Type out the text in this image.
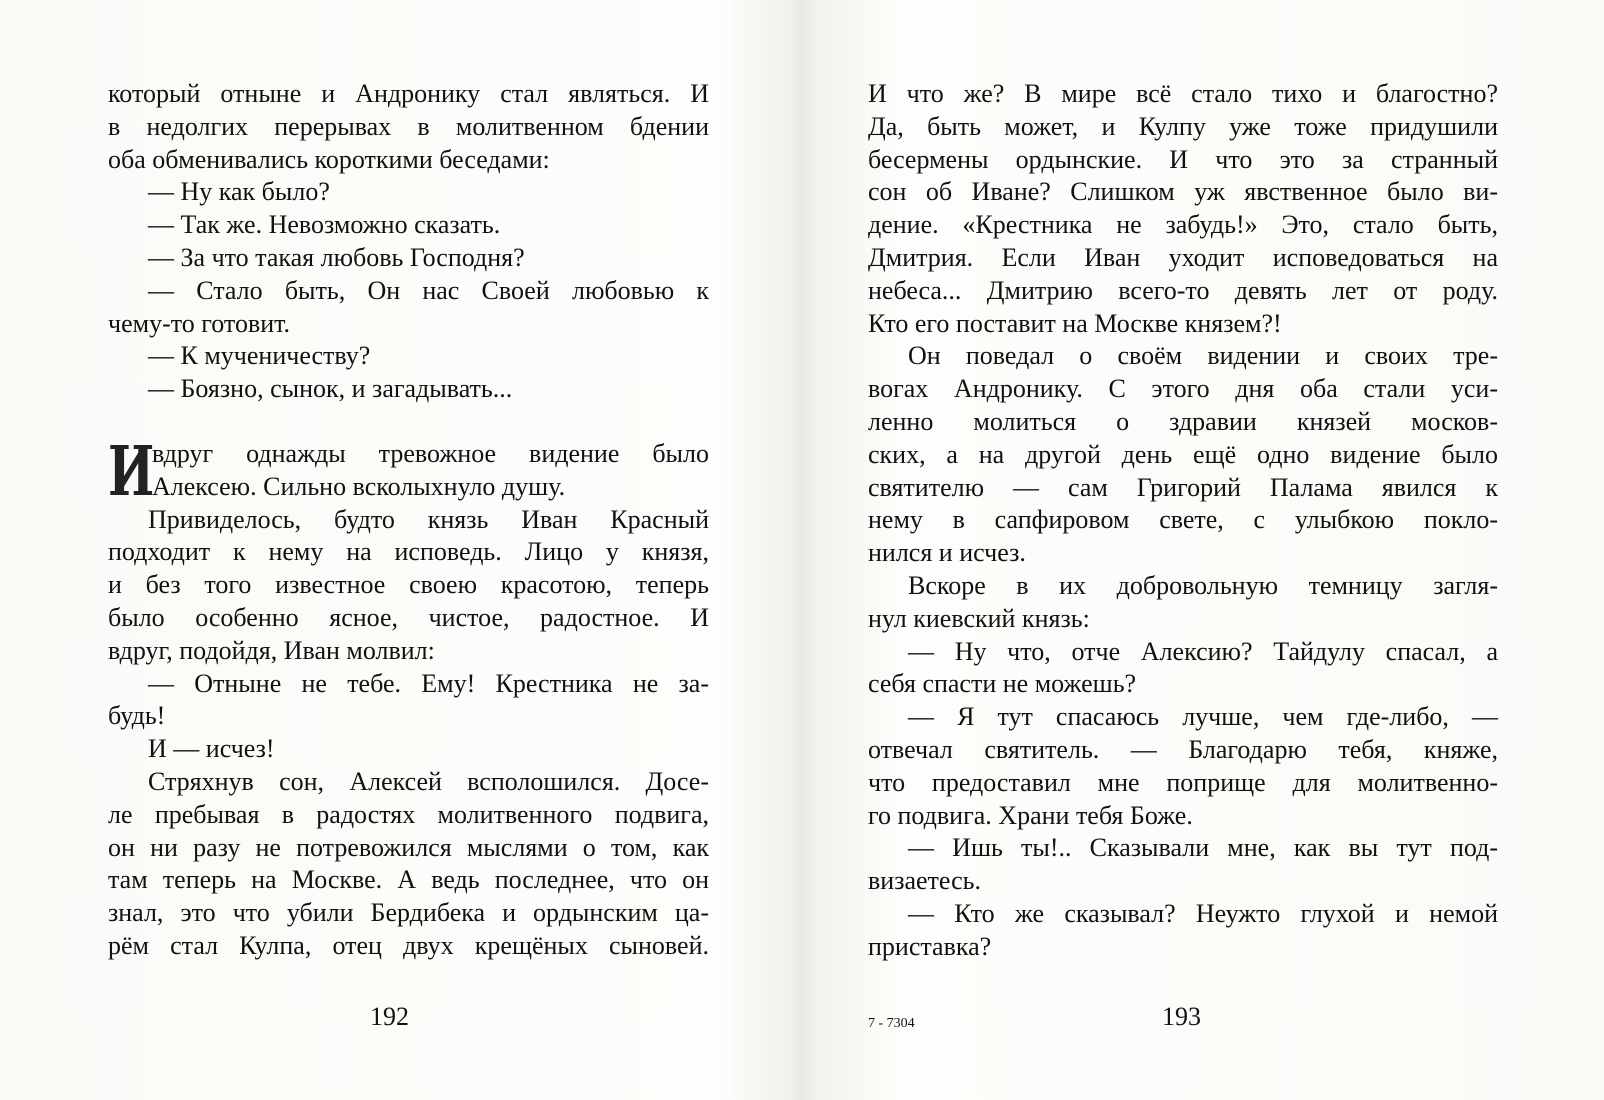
который отныне и Андронику стал являться. И
в недолгих перерывах в молитвенном бдении
оба обменивались короткими беседами:
— Ну как было?
— Так же. Невозможно сказать.
— За что такая любовь Господня?
— Стало быть, Он нас Своей любовью к
чему-то готовит.
— К мученичеству?
— Боязно, сынок, и загадывать...
И
вдруг однажды тревожное видение было
Алексею. Сильно всколыхнуло душу.
Привиделось, будто князь Иван Красный
подходит к нему на исповедь. Лицо у князя,
и без того известное своею красотою, теперь
было особенно ясное, чистое, радостное. И
вдруг, подойдя, Иван молвил:
— Отныне не тебе. Ему! Крестника не за-
будь!
И — исчез!
Стряхнув сон, Алексей всполошился. Досе-
ле пребывая в радостях молитвенного подвига,
он ни разу не потревожился мыслями о том, как
там теперь на Москве. А ведь последнее, что он
знал, это что убили Бердибека и ордынским ца-
рём стал Кулпа, отец двух крещёных сыновей.
192
И что же? В мире всё стало тихо и благостно?
Да, быть может, и Кулпу уже тоже придушили
бесермены ордынские. И что это за странный
сон об Иване? Слишком уж явственное было ви-
дение. «Крестника не забудь!» Это, стало быть,
Дмитрия. Если Иван уходит исповедоваться на
небеса... Дмитрию всего-то девять лет от роду.
Кто его поставит на Москве князем?!
Он поведал о своём видении и своих тре-
вогах Андронику. С этого дня оба стали уси-
ленно молиться о здравии князей москов-
ских, а на другой день ещё одно видение было
святителю — сам Григорий Палама явился к
нему в сапфировом свете, с улыбкою покло-
нился и исчез.
Вскоре в их добровольную темницу загля-
нул киевский князь:
— Ну что, отче Алексию? Тайдулу спасал, а
себя спасти не можешь?
— Я тут спасаюсь лучше, чем где-либо, —
отвечал святитель. — Благодарю тебя, княже,
что предоставил мне поприще для молитвенно-
го подвига. Храни тебя Боже.
— Ишь ты!.. Сказывали мне, как вы тут под-
визаетесь.
— Кто же сказывал? Неужто глухой и немой
приставка?
7 - 7304	193
